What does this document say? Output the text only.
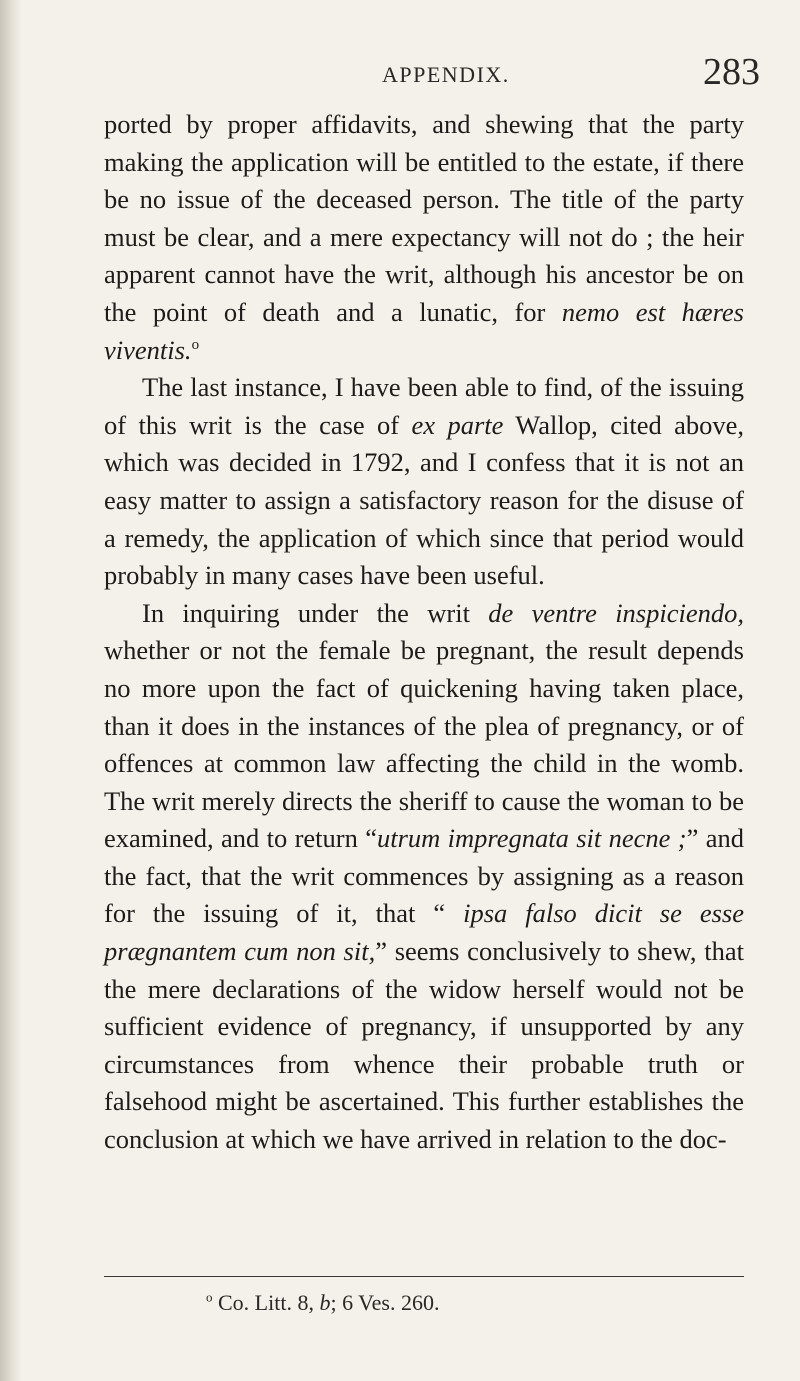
APPENDIX.	283

ported by proper affidavits, and shewing that the party making the application will be entitled to the estate, if there be no issue of the deceased person. The title of the party must be clear, and a mere expectancy will not do ; the heir apparent cannot have the writ, although his ancestor be on the point of death and a lunatic, for nemo est hæres viventis.$^o$

The last instance, I have been able to find, of the issuing of this writ is the case of ex parte Wallop, cited above, which was decided in 1792, and I confess that it is not an easy matter to assign a satisfactory reason for the disuse of a remedy, the application of which since that period would probably in many cases have been useful.

In inquiring under the writ de ventre inspiciendo, whether or not the female be pregnant, the result depends no more upon the fact of quickening having taken place, than it does in the instances of the plea of pregnancy, or of offences at common law affecting the child in the womb. The writ merely directs the sheriff to cause the woman to be examined, and to return “utrum impregnata sit necne ;” and the fact, that the writ commences by assigning as a reason for the issuing of it, that “ ipsa falso dicit se esse prægnantem cum non sit,” seems conclusively to shew, that the mere declarations of the widow herself would not be sufficient evidence of pregnancy, if unsupported by any circumstances from whence their probable truth or falsehood might be ascertained. This further establishes the conclusion at which we have arrived in relation to the doc-

$^o$ Co. Litt. 8, b; 6 Ves. 260.
